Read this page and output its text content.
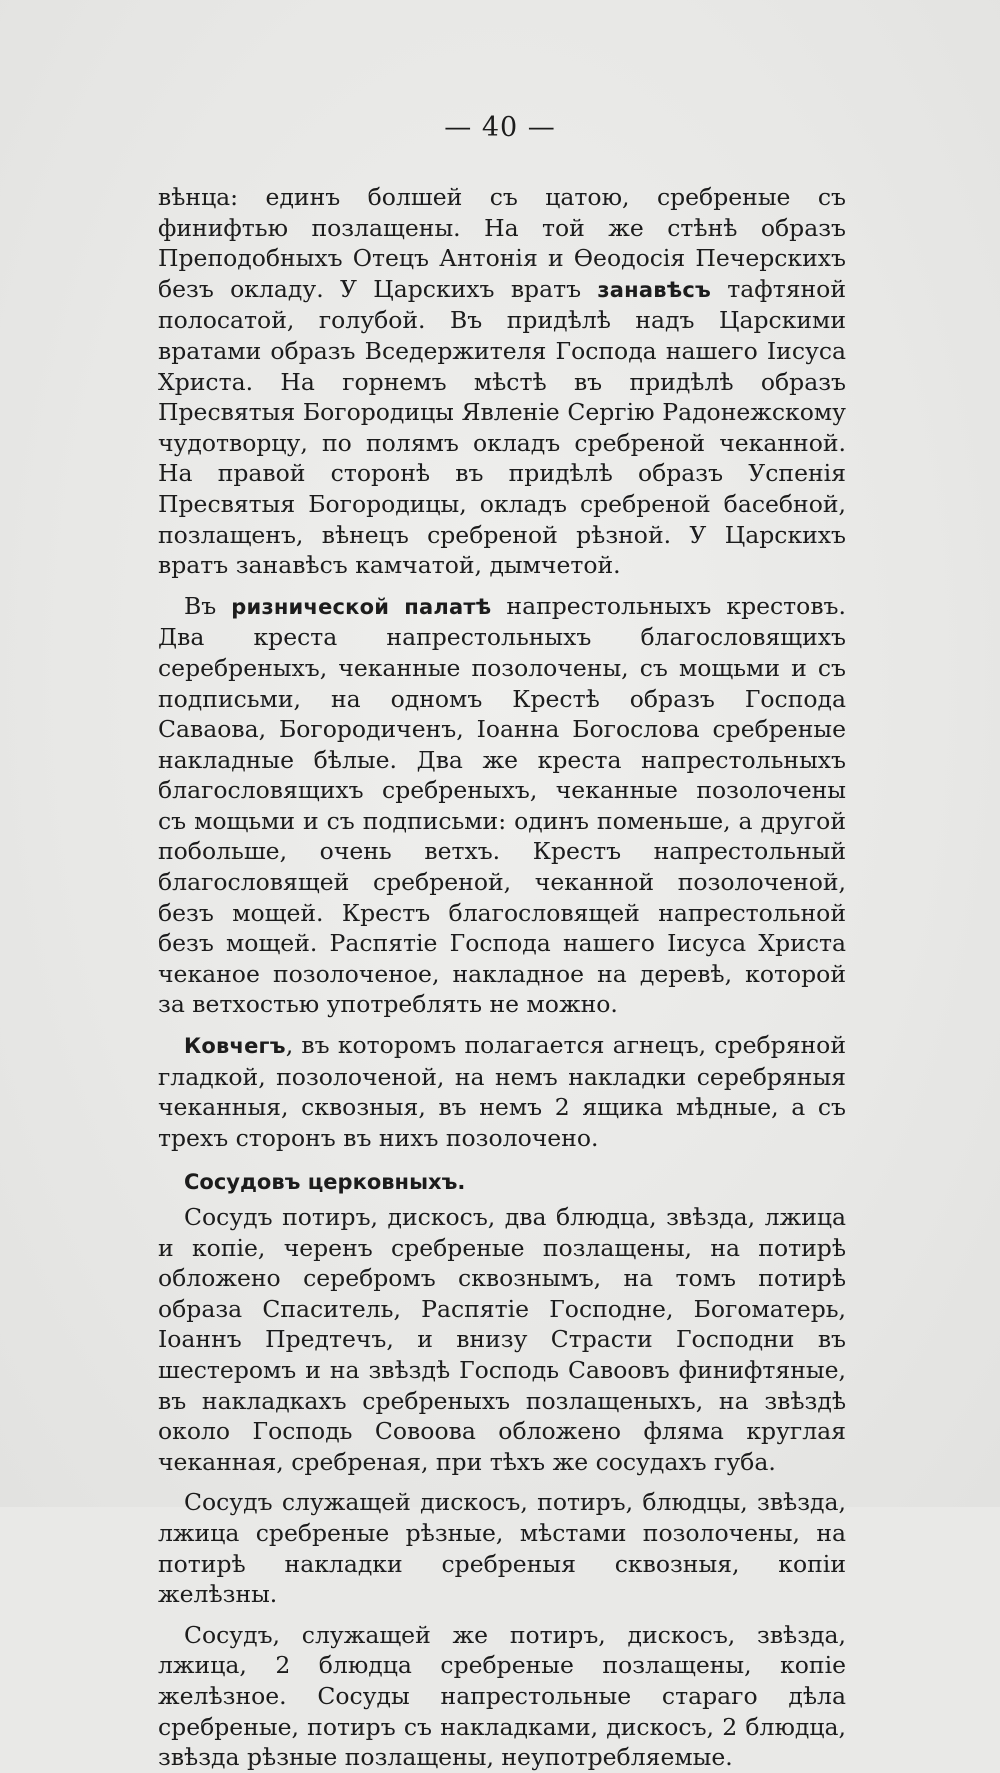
— 40 —

вѣнца: единъ болшей съ цатою, сребреные съ финифтью позлащены. На той же стѣнѣ образъ Преподобныхъ Отецъ Антонія и Ѳеодосія Печерскихъ безъ окладу. У Царскихъ вратъ занавѣсъ тафтяной полосатой, голубой. Въ придѣлѣ надъ Царскими вратами образъ Вседержителя Господа нашего Іисуса Христа. На горнемъ мѣстѣ въ придѣлѣ образъ Пресвятыя Богородицы Явленіе Сергію Радонежскому чудотворцу, по полямъ окладъ сребреной чеканной. На правой сторонѣ въ придѣлѣ образъ Успенія Пресвятыя Богородицы, окладъ сребреной басебной, позлащенъ, вѣнецъ сребреной рѣзной. У Царскихъ вратъ занавѣсъ камчатой, дымчетой.

Въ ризнической палатѣ напрестольныхъ крестовъ. Два креста напрестольныхъ благословящихъ серебреныхъ, чеканные позолочены, съ мощьми и съ подписьми, на одномъ Крестѣ образъ Господа Саваова, Богородиченъ, Іоанна Богослова сребреные накладные бѣлые. Два же креста напрестольныхъ благословящихъ сребреныхъ, чеканные позолочены съ мощьми и съ подписьми: одинъ поменьше, а другой побольше, очень ветхъ. Крестъ напрестольный благословящей сребреной, чеканной позолоченой, безъ мощей. Крестъ благословящей напрестольной безъ мощей. Распятіе Господа нашего Іисуса Христа чеканое позолоченое, накладное на деревѣ, которой за ветхостью употреблять не можно.

Ковчегъ, въ которомъ полагается агнецъ, сребряной гладкой, позолоченой, на немъ накладки серебряныя чеканныя, сквозныя, въ немъ 2 ящика мѣдные, а съ трехъ сторонъ въ нихъ позолочено.

Сосудовъ церковныхъ.

Сосудъ потиръ, дискосъ, два блюдца, звѣзда, лжица и копіе, черенъ сребреные позлащены, на потирѣ обложено серебромъ сквознымъ, на томъ потирѣ образа Спаситель, Распятіе Господне, Богоматерь, Іоаннъ Предтечъ, и внизу Страсти Господни въ шестеромъ и на звѣздѣ Господь Савоовъ финифтяные, въ накладкахъ сребреныхъ позлащеныхъ, на звѣздѣ около Господь Совоова обложено фляма круглая чеканная, сребреная, при тѣхъ же сосудахъ губа.

Сосудъ служащей дискосъ, потиръ, блюдцы, звѣзда, лжица сребреные рѣзные, мѣстами позолочены, на потирѣ накладки сребреныя сквозныя, копіи желѣзны.

Сосудъ, служащей же потиръ, дискосъ, звѣзда, лжица, 2 блюдца сребреные позлащены, копіе желѣзное. Сосуды напрестольные стараго дѣла сребреные, потиръ съ накладками, дискосъ, 2 блюдца, звѣзда рѣзные позлащены, неупотребляемые.
